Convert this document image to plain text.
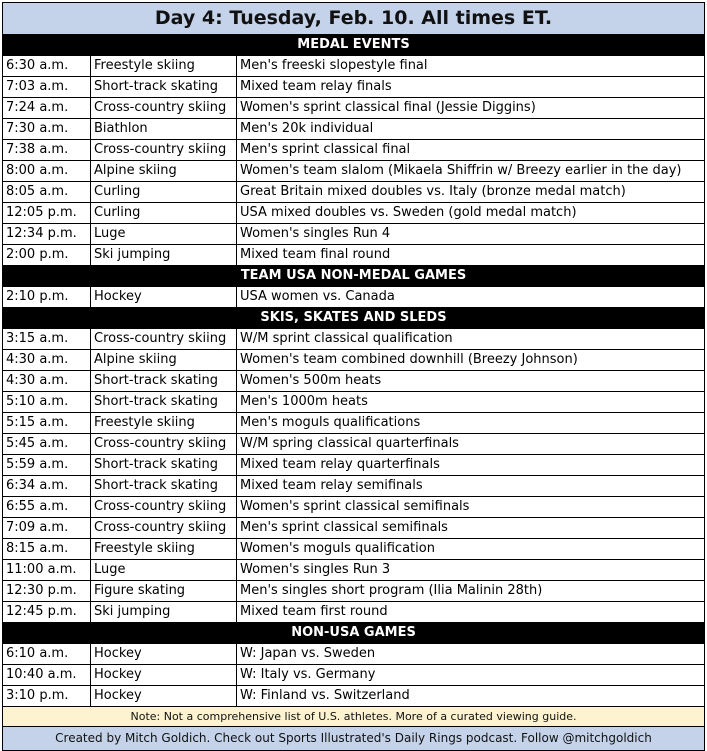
Day 4: Tuesday, Feb. 10. All times ET.
MEDAL EVENTS
6:30 a.m.	Freestyle skiing	Men's freeski slopestyle final
7:03 a.m.	Short-track skating	Mixed team relay finals
7:24 a.m.	Cross-country skiing	Women's sprint classical final (Jessie Diggins)
7:30 a.m.	Biathlon	Men's 20k individual
7:38 a.m.	Cross-country skiing	Men's sprint classical final
8:00 a.m.	Alpine skiing	Women's team slalom (Mikaela Shiffrin w/ Breezy earlier in the day)
8:05 a.m.	Curling	Great Britain mixed doubles vs. Italy (bronze medal match)
12:05 p.m.	Curling	USA mixed doubles vs. Sweden (gold medal match)
12:34 p.m.	Luge	Women's singles Run 4
2:00 p.m.	Ski jumping	Mixed team final round
TEAM USA NON-MEDAL GAMES
2:10 p.m.	Hockey	USA women vs. Canada
SKIS, SKATES AND SLEDS
3:15 a.m.	Cross-country skiing	W/M sprint classical qualification
4:30 a.m.	Alpine skiing	Women's team combined downhill (Breezy Johnson)
4:30 a.m.	Short-track skating	Women's 500m heats
5:10 a.m.	Short-track skating	Men's 1000m heats
5:15 a.m.	Freestyle skiing	Men's moguls qualifications
5:45 a.m.	Cross-country skiing	W/M spring classical quarterfinals
5:59 a.m.	Short-track skating	Mixed team relay quarterfinals
6:34 a.m.	Short-track skating	Mixed team relay semifinals
6:55 a.m.	Cross-country skiing	Women's sprint classical semifinals
7:09 a.m.	Cross-country skiing	Men's sprint classical semifinals
8:15 a.m.	Freestyle skiing	Women's moguls qualification
11:00 a.m.	Luge	Women's singles Run 3
12:30 p.m.	Figure skating	Men's singles short program (Ilia Malinin 28th)
12:45 p.m.	Ski jumping	Mixed team first round
NON-USA GAMES
6:10 a.m.	Hockey	W: Japan vs. Sweden
10:40 a.m.	Hockey	W: Italy vs. Germany
3:10 p.m.	Hockey	W: Finland vs. Switzerland
Note: Not a comprehensive list of U.S. athletes. More of a curated viewing guide.
Created by Mitch Goldich. Check out Sports Illustrated's Daily Rings podcast. Follow @mitchgoldich
